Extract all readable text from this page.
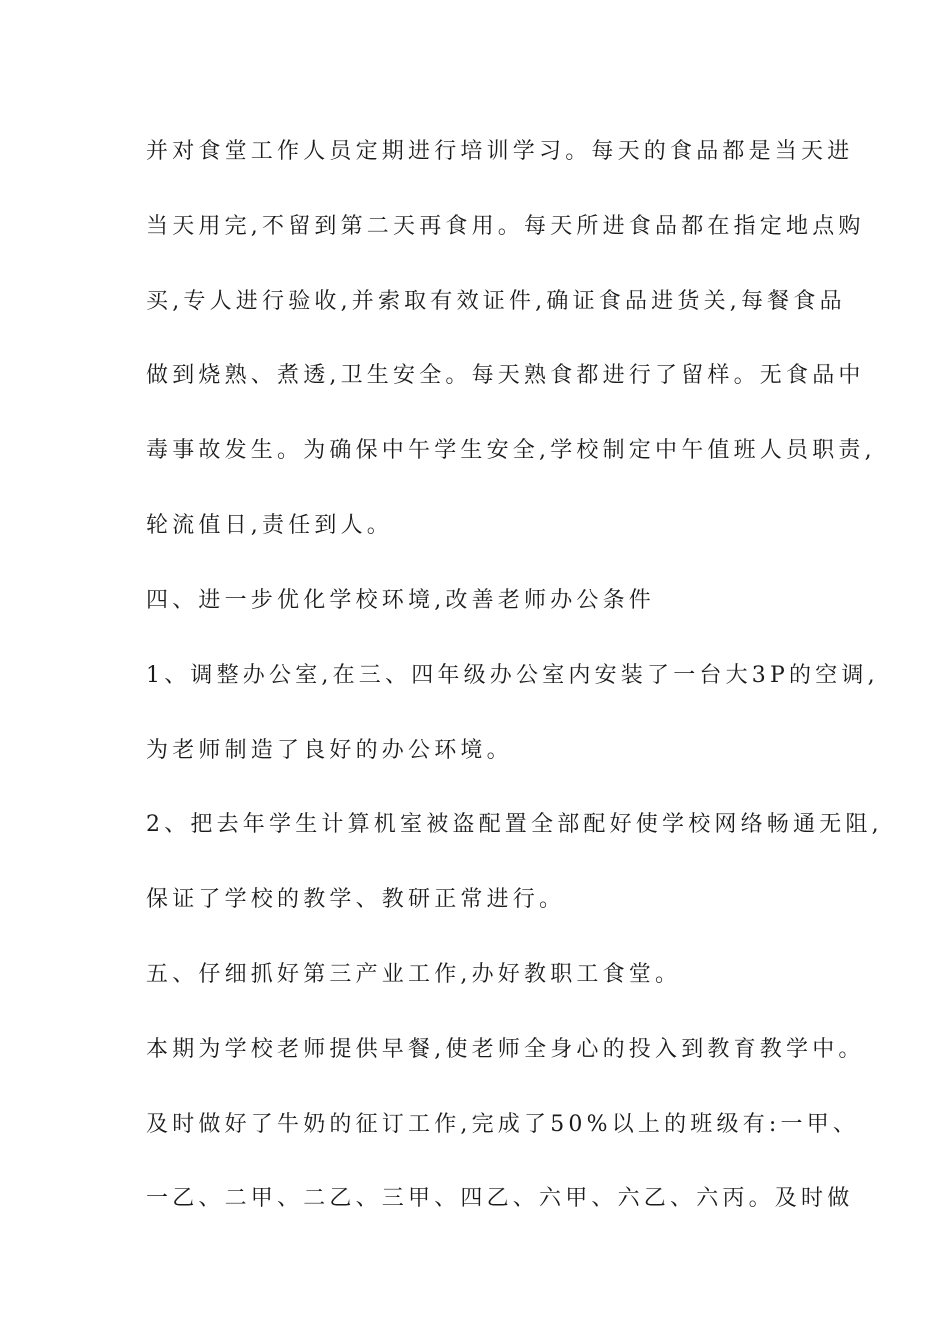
并对食堂工作人员定期进行培训学习。每天的食品都是当天进
当天用完,不留到第二天再食用。每天所进食品都在指定地点购
买,专人进行验收,并索取有效证件,确证食品进货关,每餐食品
做到烧熟、煮透,卫生安全。每天熟食都进行了留样。无食品中
毒事故发生。为确保中午学生安全,学校制定中午值班人员职责,
轮流值日,责任到人。
四、进一步优化学校环境,改善老师办公条件
1、调整办公室,在三、四年级办公室内安装了一台大3P的空调,
为老师制造了良好的办公环境。
2、把去年学生计算机室被盗配置全部配好使学校网络畅通无阻,
保证了学校的教学、教研正常进行。
五、仔细抓好第三产业工作,办好教职工食堂。
本期为学校老师提供早餐,使老师全身心的投入到教育教学中。
及时做好了牛奶的征订工作,完成了50%以上的班级有:一甲、
一乙、二甲、二乙、三甲、四乙、六甲、六乙、六丙。及时做
